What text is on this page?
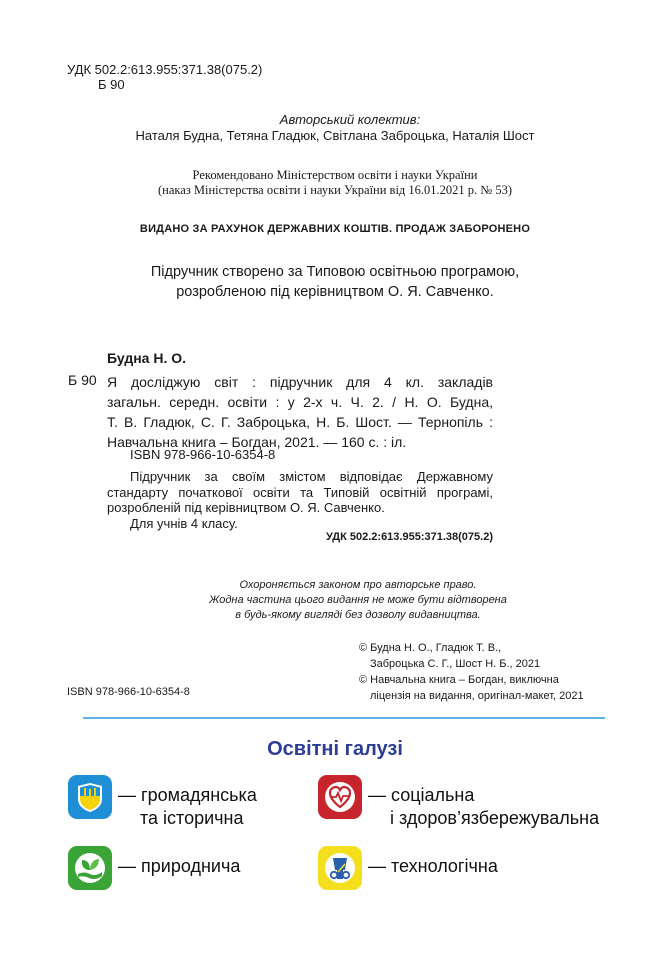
УДК 502.2:613.955:371.38(075.2)
Б 90
Авторський колектив:
Наталя Будна, Тетяна Гладюк, Світлана Заброцька, Наталія Шост
Рекомендовано Міністерством освіти і науки України
(наказ Міністерства освіти і науки України від 16.01.2021 р. № 53)
ВИДАНО ЗА РАХУНОК ДЕРЖАВНИХ КОШТІВ. ПРОДАЖ ЗАБОРОНЕНО
Підручник створено за Типовою освітньою програмою,
розробленою під керівництвом О. Я. Савченко.
Будна Н. О.
Б 90 Я досліджую світ : підручник для 4 кл. закладів
загальн. середн. освіти : у 2-х ч. Ч. 2. / Н. О. Будна,
Т. В. Гладюк, С. Г. Заброцька, Н. Б. Шост. — Тернопіль :
Навчальна книга – Богдан, 2021. — 160 с. : іл.
ISBN 978-966-10-6354-8
Підручник за своїм змістом відповідає Державному стандарту початкової освіти та Типовій освітній програмі, розробленій під керівництвом О. Я. Савченко.
Для учнів 4 класу.
УДК 502.2:613.955:371.38(075.2)
Охороняється законом про авторське право.
Жодна частина цього видання не може бути відтворена
в будь-якому вигляді без дозволу видавництва.
© Будна Н. О., Гладюк Т. В.,
Заброцька С. Г., Шост Н. Б., 2021
© Навчальна книга – Богдан, виключна
ліцензія на видання, оригінал-макет, 2021
ISBN 978-966-10-6354-8
Освітні галузі
— громадянська
та історична
— соціальна
і здоров’язбережувальна
— природнича	— технологічна
